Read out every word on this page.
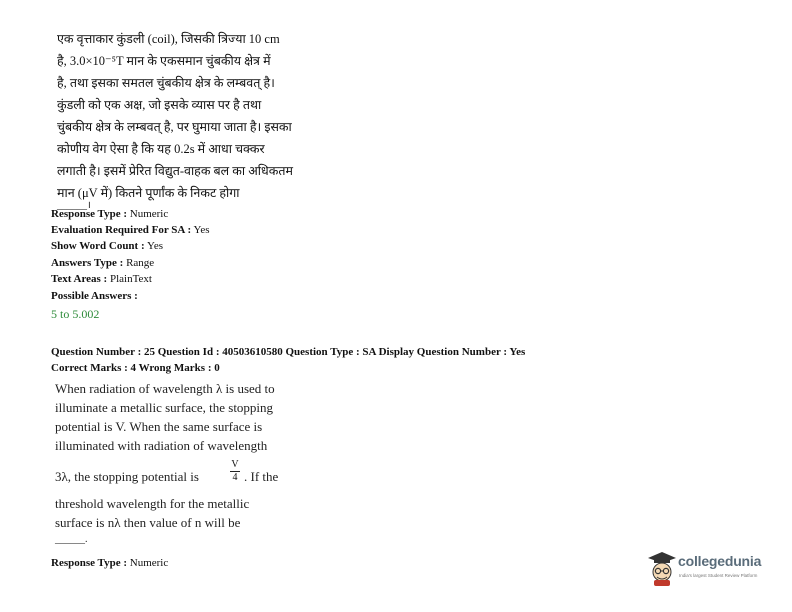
एक वृत्ताकार कुंडली (coil), जिसकी त्रिज्या 10 cm
है, 3.0×10⁻⁵T मान के एकसमान चुंबकीय क्षेत्र में
है, तथा इसका समतल चुंबकीय क्षेत्र के लम्बवत् है।
कुंडली को एक अक्ष, जो इसके व्यास पर है तथा
चुंबकीय क्षेत्र के लम्बवत् है, पर घुमाया जाता है। इसका
कोणीय वेग ऐसा है कि यह 0.2s में आधा चक्कर
लगाती है। इसमें प्रेरित विद्युत-वाहक बल का अधिकतम
मान (μV में) कितने पूर्णांक के निकट होगा
______।
Response Type : Numeric
Evaluation Required For SA : Yes
Show Word Count : Yes
Answers Type : Range
Text Areas : PlainText
Possible Answers :
5 to 5.002
Question Number : 25 Question Id : 40503610580 Question Type : SA Display Question Number : Yes
Correct Marks : 4 Wrong Marks : 0
When radiation of wavelength λ is used to
illuminate a metallic surface, the stopping
potential is V. When the same surface is
illuminated with radiation of wavelength
3λ, the stopping potential is
V
4 . If the
threshold wavelength for the metallic
surface is nλ then value of n will be
______.
Response Type : Numeric	collegedunia
India's largest Student Review Platform
